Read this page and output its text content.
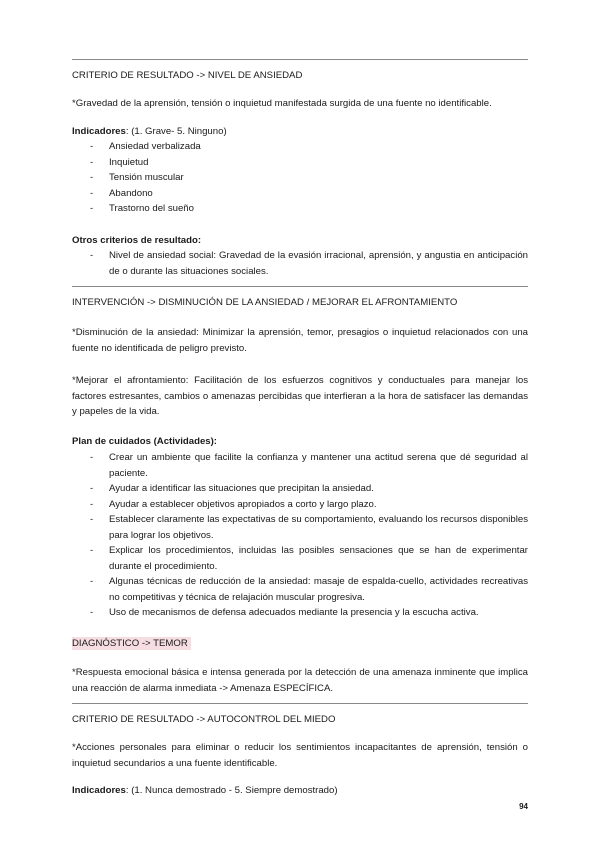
CRITERIO DE RESULTADO -> NIVEL DE ANSIEDAD
*Gravedad de la aprensión, tensión o inquietud manifestada surgida de una fuente no identificable.
Indicadores: (1. Grave- 5. Ninguno)
- Ansiedad verbalizada
- Inquietud
- Tensión muscular
- Abandono
- Trastorno del sueño
Otros criterios de resultado:
- Nivel de ansiedad social: Gravedad de la evasión irracional, aprensión, y angustia en anticipación de o durante las situaciones sociales.
INTERVENCIÓN -> DISMINUCIÓN DE LA ANSIEDAD / MEJORAR EL AFRONTAMIENTO
*Disminución de la ansiedad: Minimizar la aprensión, temor, presagios o inquietud relacionados con una fuente no identificada de peligro previsto.
*Mejorar el afrontamiento: Facilitación de los esfuerzos cognitivos y conductuales para manejar los factores estresantes, cambios o amenazas percibidas que interfieran a la hora de satisfacer las demandas y papeles de la vida.
Plan de cuidados (Actividades):
- Crear un ambiente que facilite la confianza y mantener una actitud serena que dé seguridad al paciente.
- Ayudar a identificar las situaciones que precipitan la ansiedad.
- Ayudar a establecer objetivos apropiados a corto y largo plazo.
- Establecer claramente las expectativas de su comportamiento, evaluando los recursos disponibles para lograr los objetivos.
- Explicar los procedimientos, incluidas las posibles sensaciones que se han de experimentar durante el procedimiento.
- Algunas técnicas de reducción de la ansiedad: masaje de espalda-cuello, actividades recreativas no competitivas y técnica de relajación muscular progresiva.
- Uso de mecanismos de defensa adecuados mediante la presencia y la escucha activa.
DIAGNÓSTICO -> TEMOR
*Respuesta emocional básica e intensa generada por la detección de una amenaza inminente que implica una reacción de alarma inmediata -> Amenaza ESPECÍFICA.
CRITERIO DE RESULTADO -> AUTOCONTROL DEL MIEDO
*Acciones personales para eliminar o reducir los sentimientos incapacitantes de aprensión, tensión o inquietud secundarios a una fuente identificable.
Indicadores: (1. Nunca demostrado - 5. Siempre demostrado)
94
